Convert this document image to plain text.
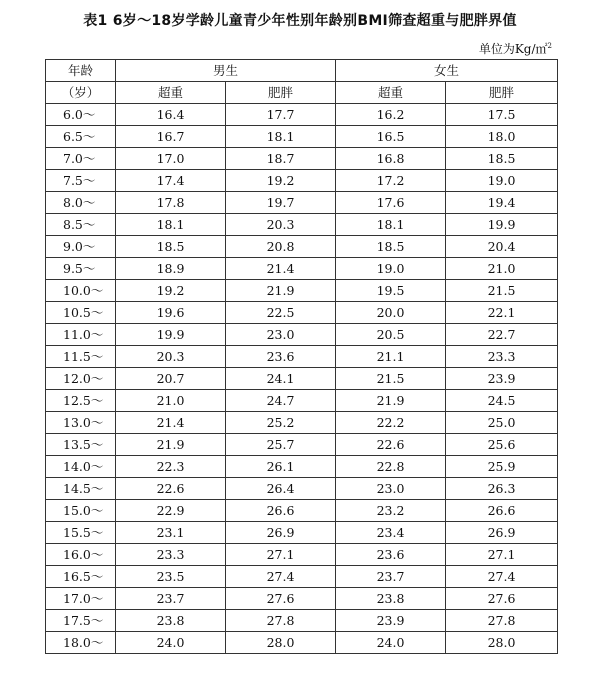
表1 6岁～18岁学龄儿童青少年性别年龄别BMI筛查超重与肥胖界值
单位为Kg/㎡$^2$
年龄	男生		女生	
（岁）	超重	肥胖	超重	肥胖
6.0～	16.4	17.7	16.2	17.5
6.5～	16.7	18.1	16.5	18.0
7.0～	17.0	18.7	16.8	18.5
7.5～	17.4	19.2	17.2	19.0
8.0～	17.8	19.7	17.6	19.4
8.5～	18.1	20.3	18.1	19.9
9.0～	18.5	20.8	18.5	20.4
9.5～	18.9	21.4	19.0	21.0
10.0～	19.2	21.9	19.5	21.5
10.5～	19.6	22.5	20.0	22.1
11.0～	19.9	23.0	20.5	22.7
11.5～	20.3	23.6	21.1	23.3
12.0～	20.7	24.1	21.5	23.9
12.5～	21.0	24.7	21.9	24.5
13.0～	21.4	25.2	22.2	25.0
13.5～	21.9	25.7	22.6	25.6
14.0～	22.3	26.1	22.8	25.9
14.5～	22.6	26.4	23.0	26.3
15.0～	22.9	26.6	23.2	26.6
15.5～	23.1	26.9	23.4	26.9
16.0～	23.3	27.1	23.6	27.1
16.5～	23.5	27.4	23.7	27.4
17.0～	23.7	27.6	23.8	27.6
17.5～	23.8	27.8	23.9	27.8
18.0～	24.0	28.0	24.0	28.0
